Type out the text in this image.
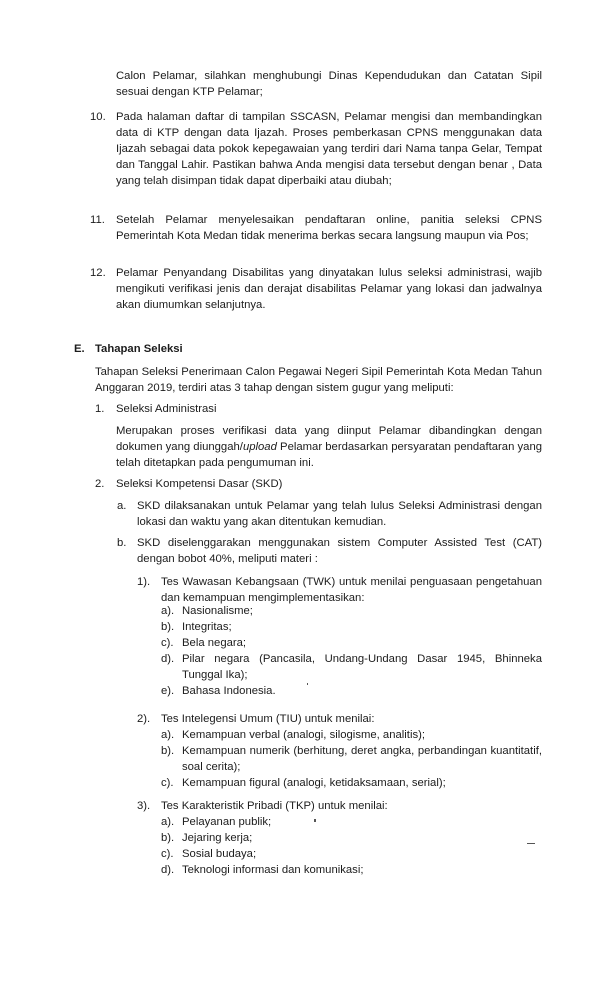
Calon Pelamar, silahkan menghubungi Dinas Kependudukan dan Catatan Sipil
sesuai dengan KTP Pelamar;
10. Pada halaman daftar di tampilan SSCASN, Pelamar mengisi dan membandingkan data di KTP dengan data Ijazah. Proses pemberkasan CPNS menggunakan data Ijazah sebagai data pokok kepegawaian yang terdiri dari Nama tanpa Gelar, Tempat dan Tanggal Lahir. Pastikan bahwa Anda mengisi data tersebut dengan benar , Data yang telah disimpan tidak dapat diperbaiki atau diubah;

11. Setelah Pelamar menyelesaikan pendaftaran online, panitia seleksi CPNS Pemerintah Kota Medan tidak menerima berkas secara langsung maupun via Pos;

12. Pelamar Penyandang Disabilitas yang dinyatakan lulus seleksi administrasi, wajib mengikuti verifikasi jenis dan derajat disabilitas Pelamar yang lokasi dan jadwalnya akan diumumkan selanjutnya.

E. Tahapan Seleksi

Tahapan Seleksi Penerimaan Calon Pegawai Negeri Sipil Pemerintah Kota Medan Tahun Anggaran 2019, terdiri atas 3 tahap dengan sistem gugur yang meliputi:

1. Seleksi Administrasi

Merupakan proses verifikasi data yang diinput Pelamar dibandingkan dengan dokumen yang diunggah/upload Pelamar berdasarkan persyaratan pendaftaran yang telah ditetapkan pada pengumuman ini.

2. Seleksi Kompetensi Dasar (SKD)
a. SKD dilaksanakan untuk Pelamar yang telah lulus Seleksi Administrasi dengan lokasi dan waktu yang akan ditentukan kemudian.

b. SKD diselenggarakan menggunakan sistem Computer Assisted Test (CAT) dengan bobot 40%, meliputi materi :

1). Tes Wawasan Kebangsaan (TWK) untuk menilai penguasaan pengetahuan dan kemampuan mengimplementasikan:

a). Nasionalisme;
b). Integritas;
c). Bela negara;
d). Pilar negara (Pancasila, Undang-Undang Dasar 1945, Bhinneka Tunggal Ika);

e). Bahasa Indonesia.
2). Tes Intelegensi Umum (TIU) untuk menilai:
a). Kemampuan verbal (analogi, silogisme, analitis);
b). Kemampuan numerik (berhitung, deret angka, perbandingan kuantitatif, soal cerita);

c). Kemampuan figural (analogi, ketidaksamaan, serial);
3). Tes Karakteristik Pribadi (TKP) untuk menilai:
a). Pelayanan publik;
b). Jejaring kerja;
c). Sosial budaya;
d). Teknologi informasi dan komunikasi;
